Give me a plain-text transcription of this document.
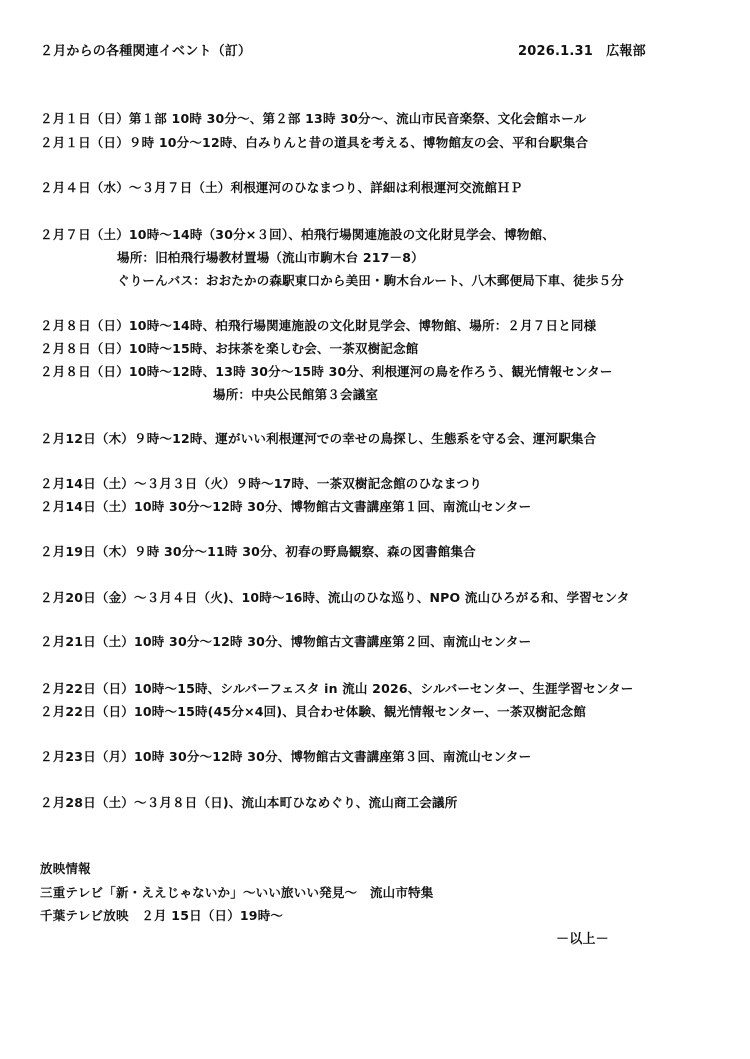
２月からの各種関連イベント（訂）	2026.1.31　広報部
２月１日（日）第１部 10時 30分～、第２部 13時 30分～、流山市民音楽祭、文化会館ホール
２月１日（日）９時 10分～12時、白みりんと昔の道具を考える、博物館友の会、平和台駅集合
２月４日（水）～３月７日（土）利根運河のひなまつり、詳細は利根運河交流館ＨＰ
２月７日（土）10時～14時（30分×３回）、柏飛行場関連施設の文化財見学会、博物館、
場所：旧柏飛行場教材置場（流山市駒木台 217－8）
ぐりーんバス：おおたかの森駅東口から美田・駒木台ルート、八木郵便局下車、徒歩５分
２月８日（日）10時～14時、柏飛行場関連施設の文化財見学会、博物館、場所：２月７日と同様
２月８日（日）10時～15時、お抹茶を楽しむ会、一茶双樹記念館
２月８日（日）10時～12時、13時 30分～15時 30分、利根運河の鳥を作ろう、観光情報センター
場所：中央公民館第３会議室
２月12日（木）９時～12時、運がいい利根運河での幸せの鳥探し、生態系を守る会、運河駅集合
２月14日（土）～３月３日（火）９時～17時、一茶双樹記念館のひなまつり
２月14日（土）10時 30分～12時 30分、博物館古文書講座第１回、南流山センター
２月19日（木）９時 30分～11時 30分、初春の野鳥観察、森の図書館集合
２月20日（金）～３月４日（火)、10時～16時、流山のひな巡り、NPO 流山ひろがる和、学習センタ
２月21日（土）10時 30分～12時 30分、博物館古文書講座第２回、南流山センター
２月22日（日）10時～15時、シルバーフェスタ in 流山 2026、シルバーセンター、生涯学習センター
２月22日（日）10時～15時(45分×4回)、貝合わせ体験、観光情報センター、一茶双樹記念館
２月23日（月）10時 30分～12時 30分、博物館古文書講座第３回、南流山センター
２月28日（土）～３月８日（日)、流山本町ひなめぐり、流山商工会議所
放映情報
三重テレビ「新・ええじゃないか」～いい旅いい発見～　流山市特集
千葉テレビ放映　２月 15日（日）19時～
－以上－
